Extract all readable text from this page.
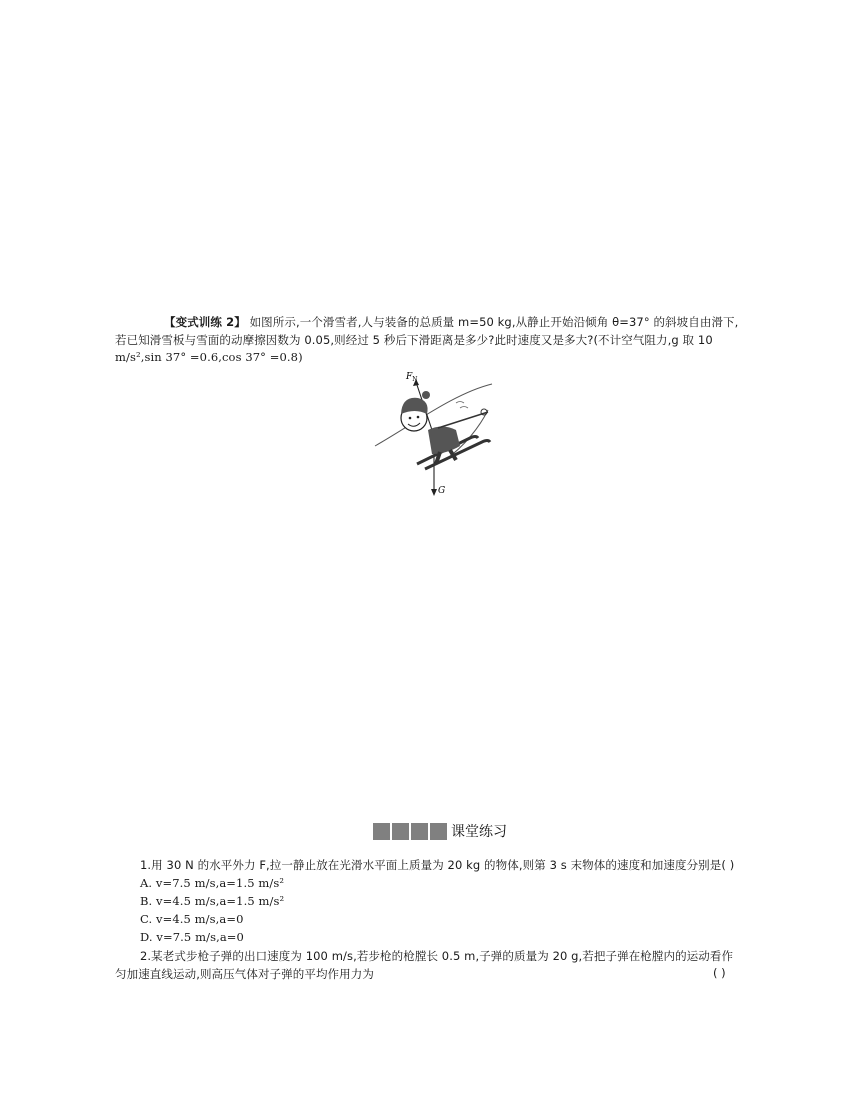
【变式训练 2】 如图所示,一个滑雪者,人与装备的总质量 m=50 kg,从静止开始沿倾角 θ=37° 的斜坡自由滑下,
若已知滑雪板与雪面的动摩擦因数为 0.05,则经过 5 秒后下滑距离是多少?此时速度又是多大?(不计空气阻力,g 取 10
m/s²,sin 37° =0.6,cos 37° =0.8)
$F_N$
G
课堂练习
1.用 30 N 的水平外力 F,拉一静止放在光滑水平面上质量为 20 kg 的物体,则第 3 s 末物体的速度和加速度分别是( )
A. v=7.5 m/s,a=1.5 m/s²
B. v=4.5 m/s,a=1.5 m/s²
C. v=4.5 m/s,a=0
D. v=7.5 m/s,a=0
2.某老式步枪子弹的出口速度为 100 m/s,若步枪的枪膛长 0.5 m,子弹的质量为 20 g,若把子弹在枪膛内的运动看作
匀加速直线运动,则高压气体对子弹的平均作用力为	( )
